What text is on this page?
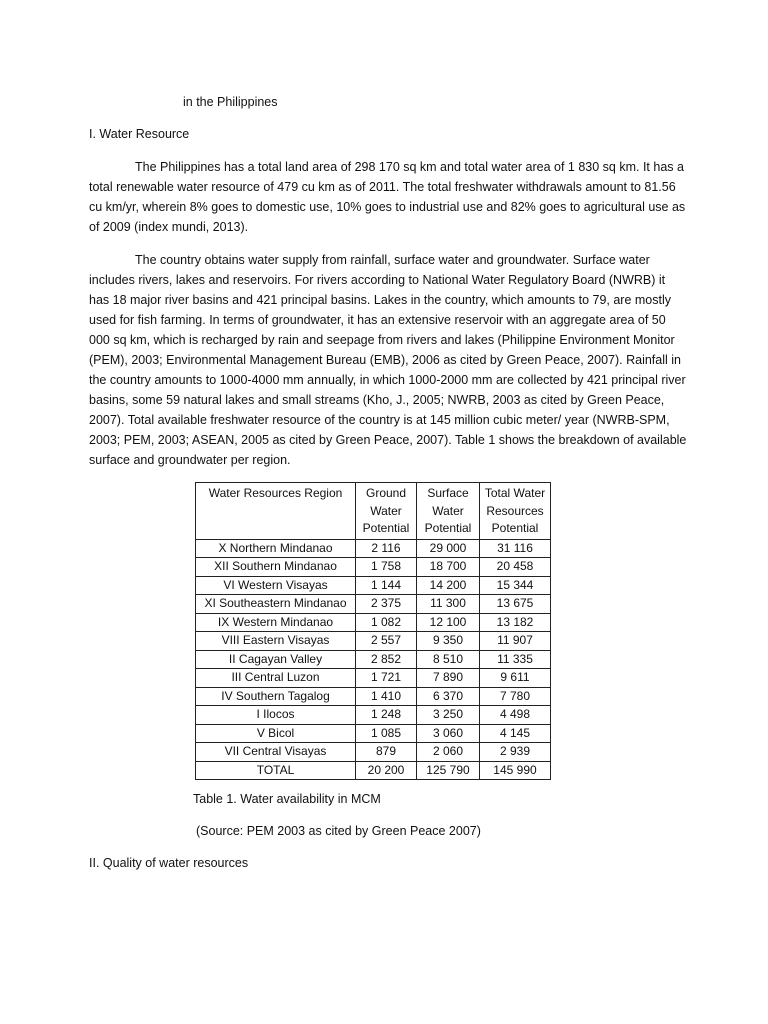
in the Philippines
I. Water Resource

The Philippines has a total land area of 298 170 sq km and total water area of 1 830 sq km. It has a total renewable water resource of 479 cu km as of 2011. The total freshwater withdrawals amount to 81.56 cu km/yr, wherein 8% goes to domestic use, 10% goes to industrial use and 82% goes to agricultural use as of 2009 (index mundi, 2013).

The country obtains water supply from rainfall, surface water and groundwater. Surface water includes rivers, lakes and reservoirs. For rivers according to National Water Regulatory Board (NWRB) it has 18 major river basins and 421 principal basins. Lakes in the country, which amounts to 79, are mostly used for fish farming. In terms of groundwater, it has an extensive reservoir with an aggregate area of 50 000 sq km, which is recharged by rain and seepage from rivers and lakes (Philippine Environment Monitor (PEM), 2003; Environmental Management Bureau (EMB), 2006 as cited by Green Peace, 2007). Rainfall in the country amounts to 1000-4000 mm annually, in which 1000-2000 mm are collected by 421 principal river basins, some 59 natural lakes and small streams (Kho, J., 2005; NWRB, 2003 as cited by Green Peace, 2007). Total available freshwater resource of the country is at 145 million cubic meter/ year (NWRB-SPM, 2003; PEM, 2003; ASEAN, 2005 as cited by Green Peace, 2007). Table 1 shows the breakdown of available surface and groundwater per region.

Water Resources Region	Ground Water Potential	Surface Water Potential	Total Water Resources Potential
X Northern Mindanao	2 116	29 000	31 116
XII Southern Mindanao	1 758	18 700	20 458
VI Western Visayas	1 144	14 200	15 344
XI Southeastern Mindanao	2 375	11 300	13 675
IX Western Mindanao	1 082	12 100	13 182
VIII Eastern Visayas	2 557	9 350	11 907
II Cagayan Valley	2 852	8 510	11 335
III Central Luzon	1 721	7 890	9 611
IV Southern Tagalog	1 410	6 370	7 780
I Ilocos	1 248	3 250	4 498
V Bicol	1 085	3 060	4 145
VII Central Visayas	879	2 060	2 939
TOTAL	20 200	125 790	145 990
Table 1. Water availability in MCM
(Source: PEM 2003 as cited by Green Peace 2007)
II. Quality of water resources
